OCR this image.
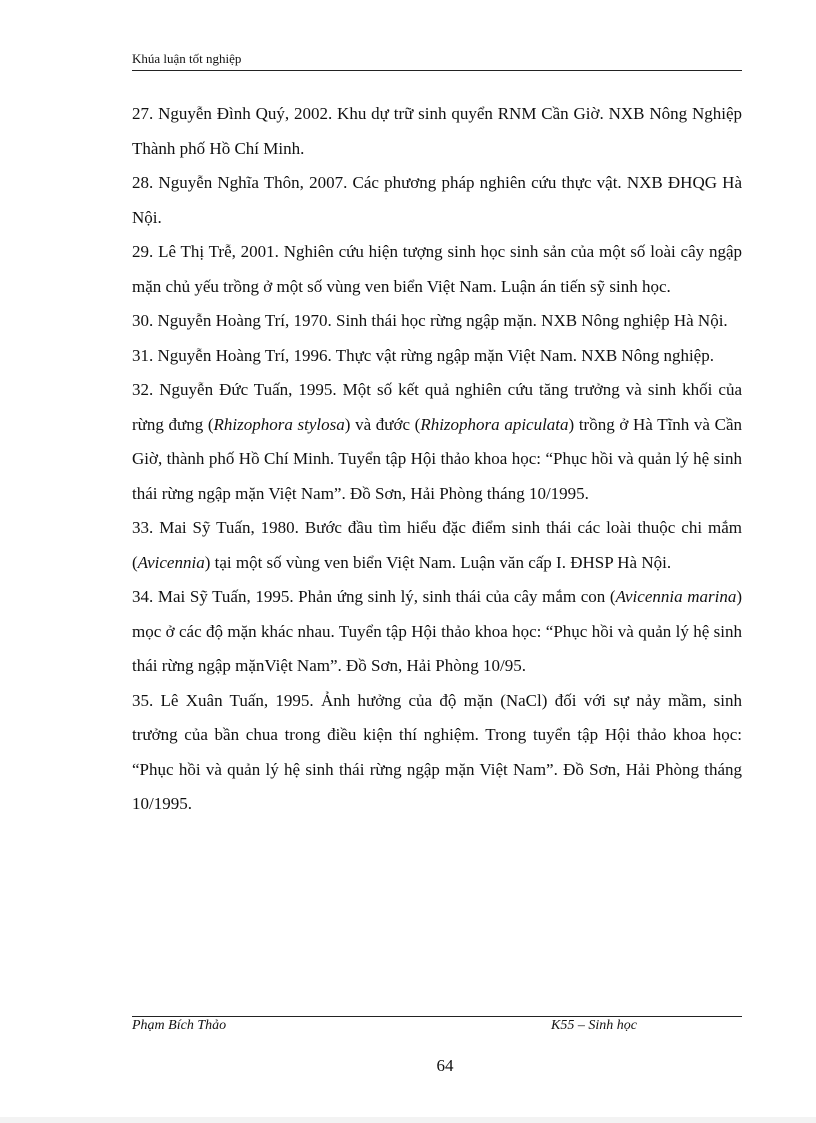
Khúa luận tốt nghiệp
27. Nguyễn Đình Quý, 2002. Khu dự trữ sinh quyển RNM Cần Giờ. NXB Nông Nghiệp Thành phố Hồ Chí Minh.
28. Nguyễn Nghĩa Thôn, 2007. Các phương pháp nghiên cứu thực vật. NXB ĐHQG Hà Nội.
29. Lê Thị Trễ, 2001. Nghiên cứu hiện tượng sinh học sinh sản của một số loài cây ngập mặn chủ yếu trồng ở một số vùng ven biển Việt Nam. Luận án tiến sỹ sinh học.
30. Nguyễn Hoàng Trí, 1970. Sinh thái học rừng ngập mặn. NXB Nông nghiệp Hà Nội.
31. Nguyễn Hoàng Trí, 1996. Thực vật rừng ngập mặn Việt Nam. NXB Nông nghiệp.
32. Nguyễn Đức Tuấn, 1995. Một số kết quả nghiên cứu tăng trưởng và sinh khối của rừng đưng (Rhizophora stylosa) và đước (Rhizophora apiculata) trồng ở Hà Tĩnh và Cần Giờ, thành phố Hồ Chí Minh. Tuyển tập Hội thảo khoa học: “Phục hồi và quản lý hệ sinh thái rừng ngập mặn Việt Nam”. Đồ Sơn, Hải Phòng tháng 10/1995.
33. Mai Sỹ Tuấn, 1980. Bước đầu tìm hiểu đặc điểm sinh thái các loài thuộc chi mắm (Avicennia) tại một số vùng ven biển Việt Nam. Luận văn cấp I. ĐHSP Hà Nội.
34. Mai Sỹ Tuấn, 1995. Phản ứng sinh lý, sinh thái của cây mắm con (Avicennia marina) mọc ở các độ mặn khác nhau. Tuyển tập Hội thảo khoa học: “Phục hồi và quản lý hệ sinh thái rừng ngập mặnViệt Nam”. Đồ Sơn, Hải Phòng 10/95.
35. Lê Xuân Tuấn, 1995. Ảnh hưởng của độ mặn (NaCl) đối với sự nảy mầm, sinh trưởng của bần chua trong điều kiện thí nghiệm. Trong tuyển tập Hội thảo khoa học: “Phục hồi và quản lý hệ sinh thái rừng ngập mặn Việt Nam”. Đồ Sơn, Hải Phòng tháng 10/1995.
Phạm Bích Thảo	K55 – Sinh học
64
